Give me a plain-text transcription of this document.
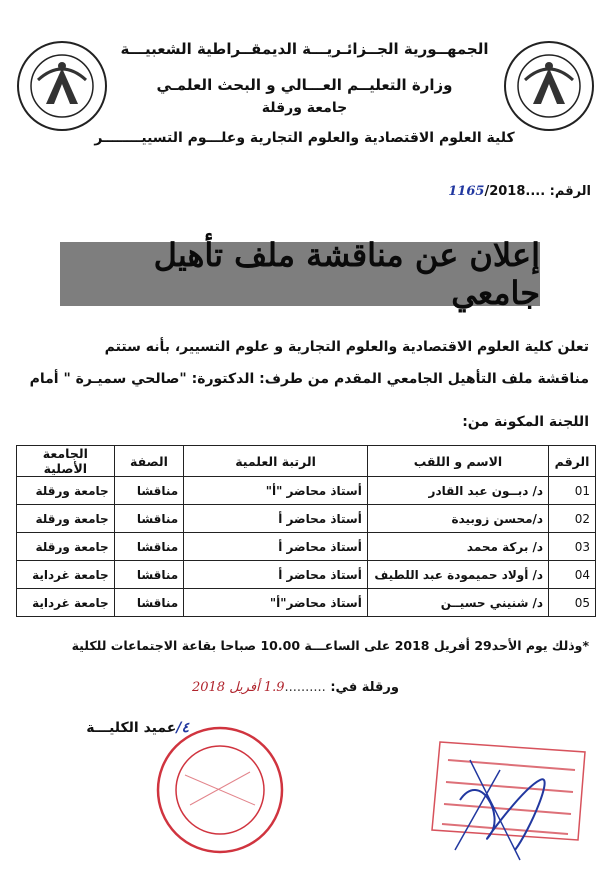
الجمهــورية الجــزائـريـــة الديمقــراطية الشعبيـــة
وزارة التعليــم العـــالي و البحث العلمـي
جامعة ورقلة
كلية العلوم الاقتصادية والعلوم التجارية وعلـــوم التسييــــــــر
الرقم: ....1165/2018
إعلان عن مناقشة ملف تأهيل جامعي
تعلن كلية العلوم الاقتصادية والعلوم التجارية و علوم التسيير، بأنه ستتم
مناقشة ملف التأهيل الجامعي المقدم من طرف: الدكتورة: "صالحي سميـرة " أمام
اللجنة المكونة من:
الرقم	الاسم و اللقب	الرتبة العلمية	الصفة	الجامعة الأصلية
01	د/ دبــون عبد القادر	أستاذ محاضر "أ"	مناقشا	جامعة ورقلة
02	د/محسن زوبيدة	أستاذ محاضر أ	مناقشا	جامعة ورقلة
03	د/ بركة محمد	أستاذ محاضر أ	مناقشا	جامعة ورقلة
04	د/ أولاد حميمودة عبد اللطيف	أستاذ محاضر أ	مناقشا	جامعة غرداية
05	د/ شنيني حسيــن	أستاذ محاضر"أ"	مناقشا	جامعة غرداية
*وذلك يوم الأحد29 أفريل 2018 على الساعـــة 10.00 صباحا بقاعة الاجتماعات للكلية
ورقلة في: ..........1.9 أفريل 2018
٤/عميد الكليـــة
